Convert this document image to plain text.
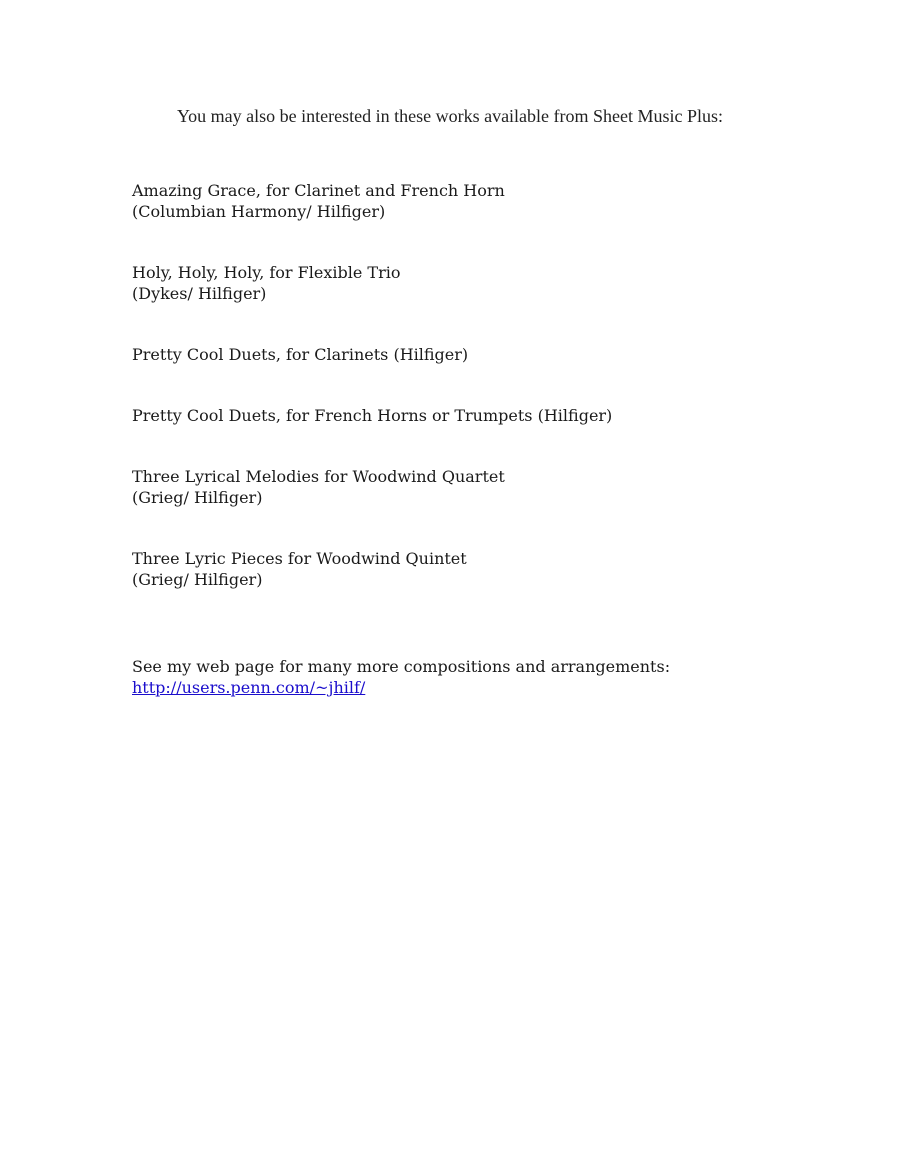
You may also be interested in these works available from Sheet Music Plus:
Amazing Grace, for Clarinet and French Horn
(Columbian Harmony/ Hilfiger)
Holy, Holy, Holy, for Flexible Trio
(Dykes/ Hilfiger)
Pretty Cool Duets, for Clarinets (Hilfiger)
Pretty Cool Duets, for French Horns or Trumpets (Hilfiger)
Three Lyrical Melodies for Woodwind Quartet
(Grieg/ Hilfiger)
Three Lyric Pieces for Woodwind Quintet
(Grieg/ Hilfiger)
See my web page for many more compositions and arrangements:
http://users.penn.com/~jhilf/
